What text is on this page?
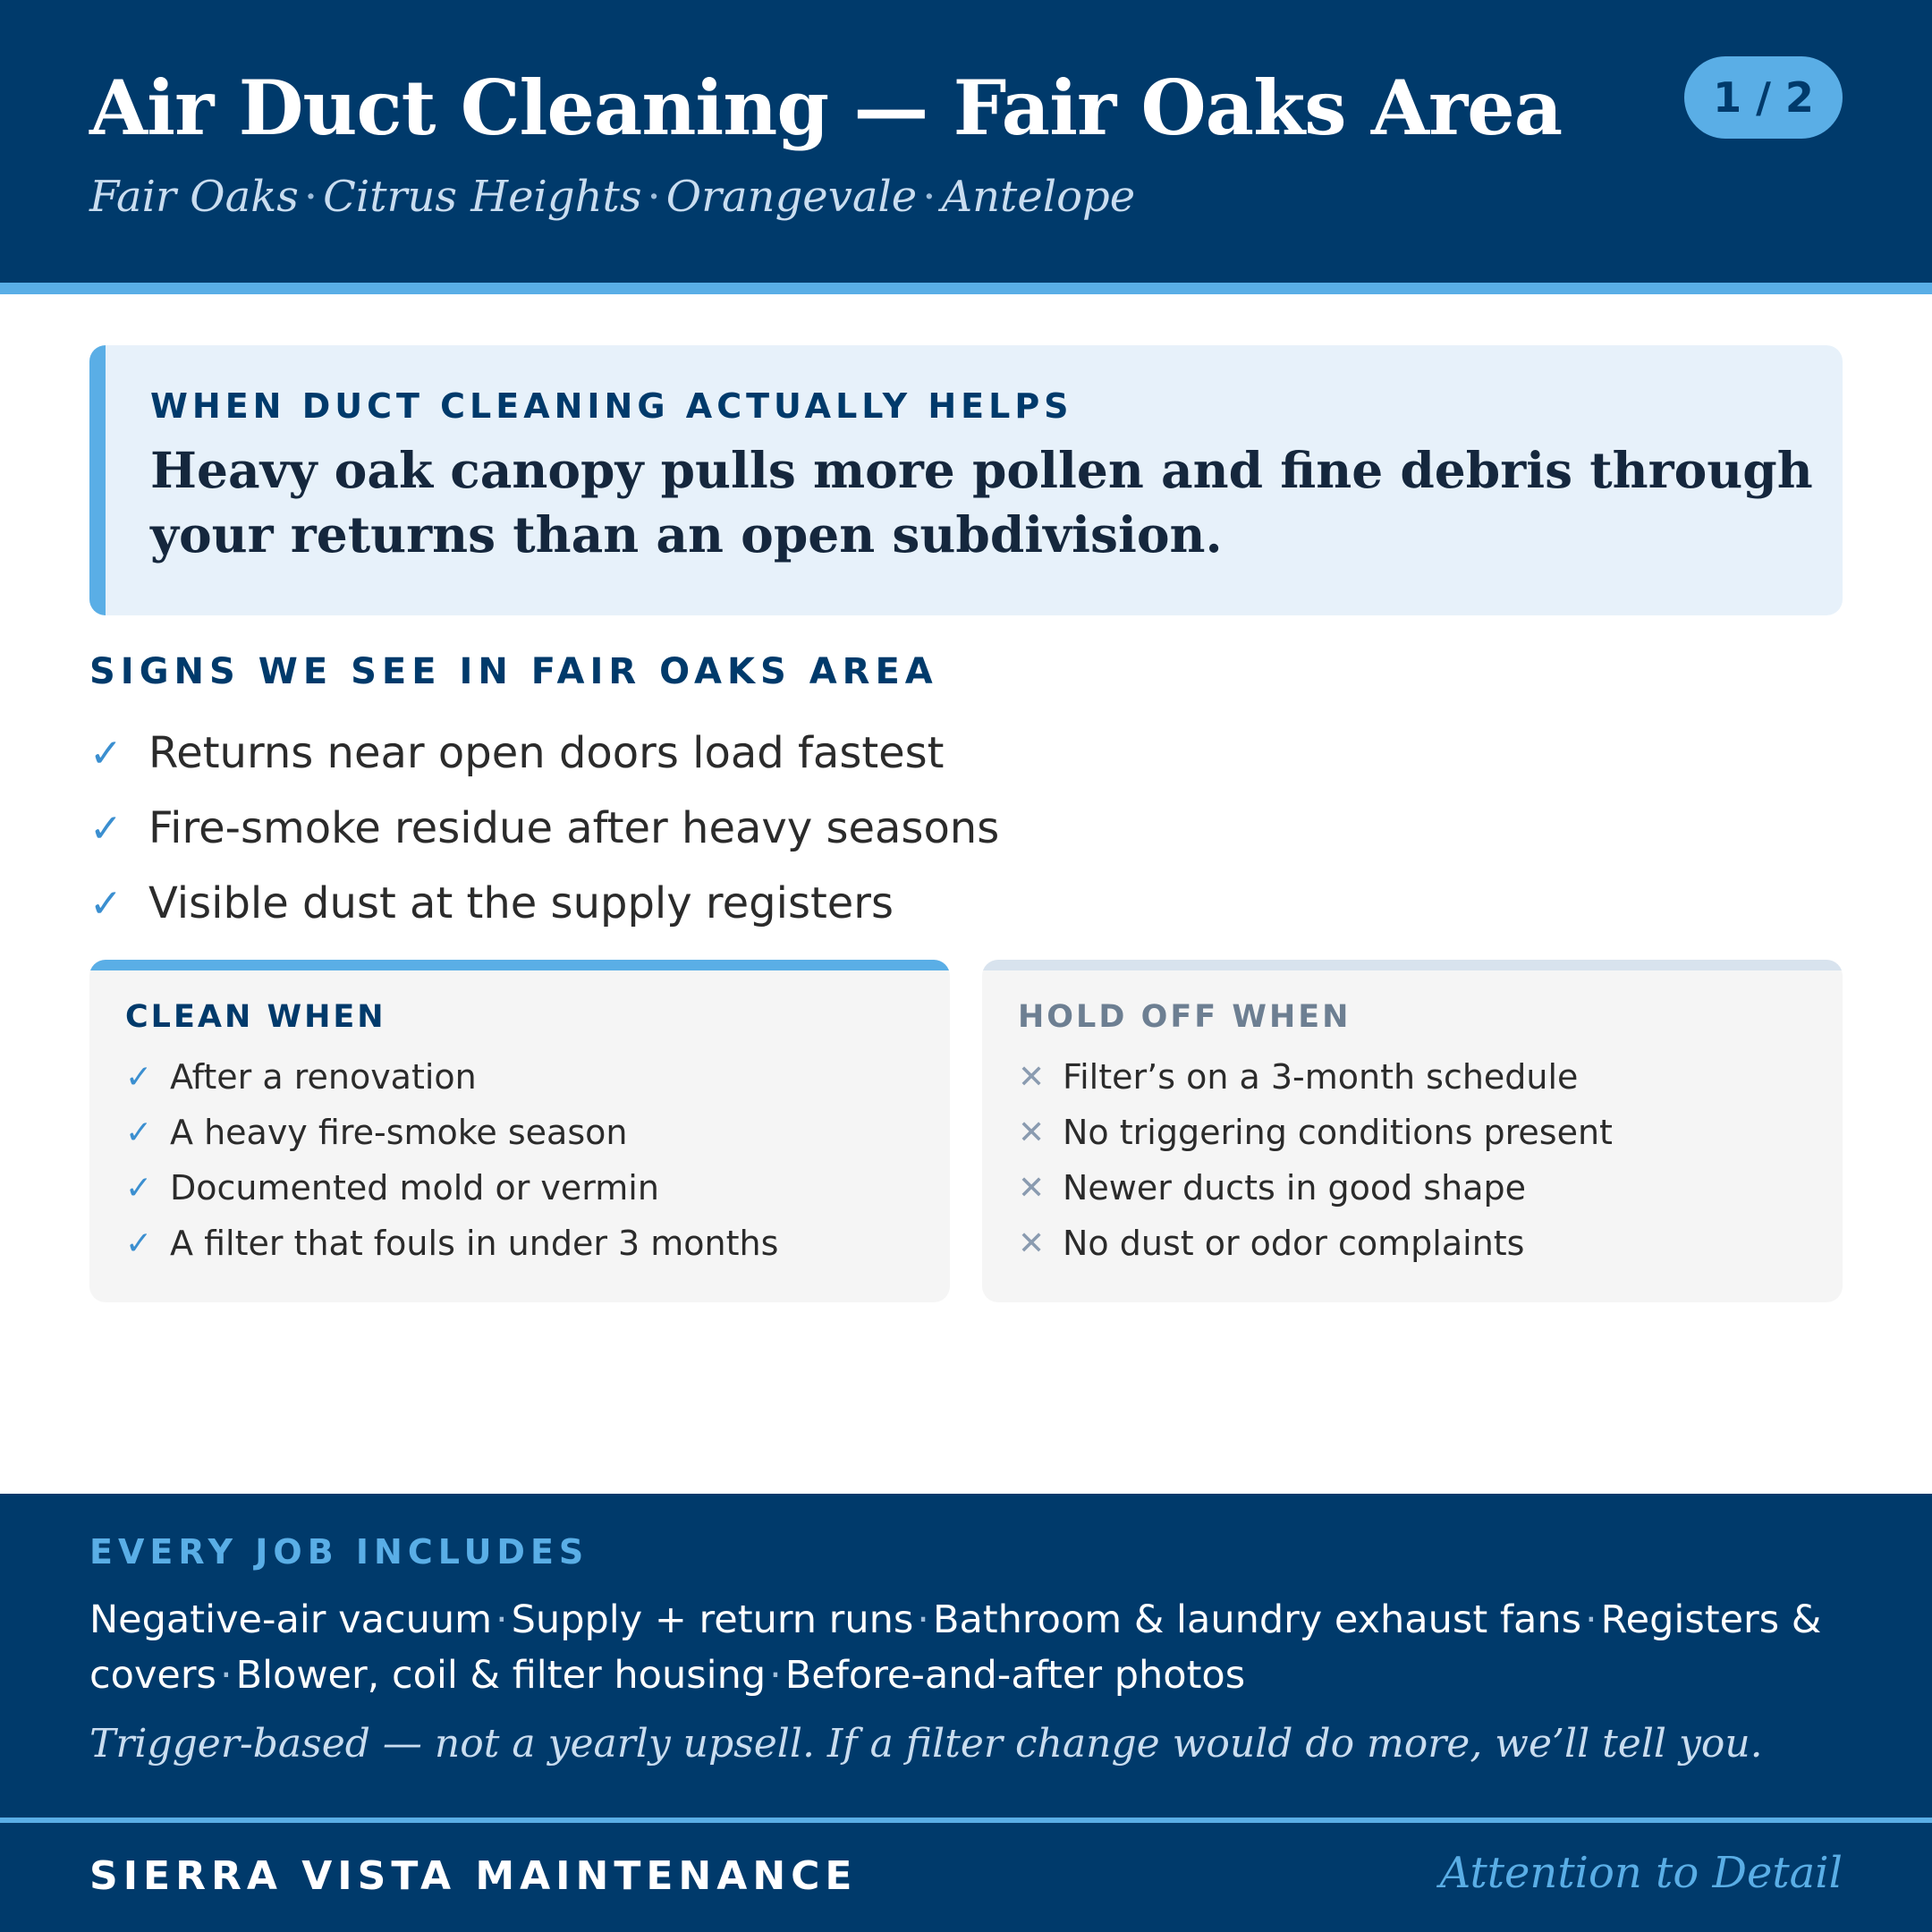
Air Duct Cleaning — Fair Oaks Area
Fair Oaks · Citrus Heights · Orangevale · Antelope
1 / 2
WHEN DUCT CLEANING ACTUALLY HELPS
Heavy oak canopy pulls more pollen and fine debris through your returns than an open subdivision.
SIGNS WE SEE IN FAIR OAKS AREA
✓ Returns near open doors load fastest
✓ Fire-smoke residue after heavy seasons
✓ Visible dust at the supply registers
CLEAN WHEN
✓ After a renovation
✓ A heavy fire-smoke season
✓ Documented mold or vermin
✓ A filter that fouls in under 3 months
HOLD OFF WHEN
✕ Filter’s on a 3-month schedule
✕ No triggering conditions present
✕ Newer ducts in good shape
✕ No dust or odor complaints
EVERY JOB INCLUDES
Negative-air vacuum·Supply + return runs·Bathroom & laundry exhaust fans·Registers & covers·Blower, coil & filter housing·Before-and-after photos
Trigger-based — not a yearly upsell. If a filter change would do more, we’ll tell you.
SIERRA VISTA MAINTENANCE	Attention to Detail
